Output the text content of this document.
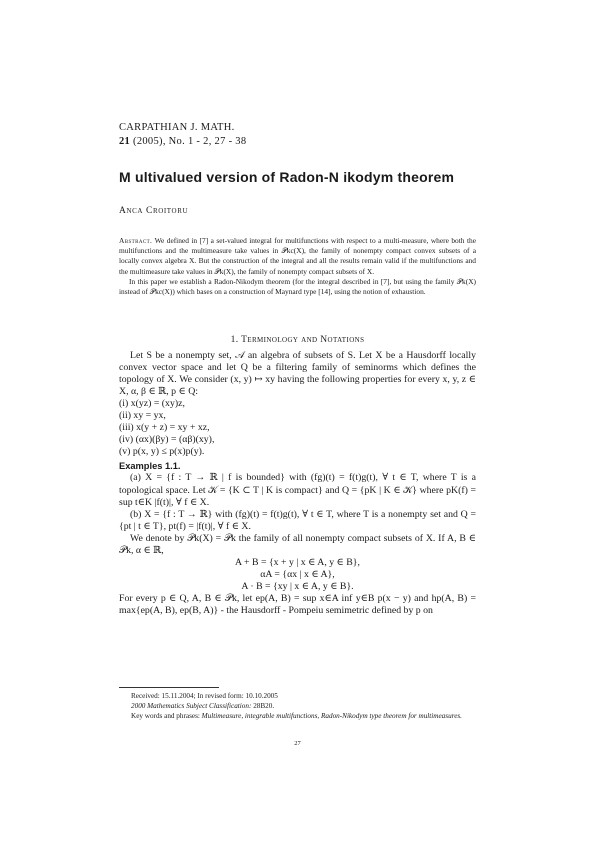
CARPATHIAN J. MATH.
21 (2005), No. 1 - 2, 27 - 38
M ultivalued version of Radon-N ikodym theorem
Anca Croitoru

Abstract. We defined in [7] a set-valued integral for multifunctions with respect to a multi-measure, where both the multifunctions and the multimeasure take values in 𝒫kc(X), the family of nonempty compact convex subsets of a locally convex algebra X. But the construction of the integral and all the results remain valid if the multifunctions and the multimeasure take values in 𝒫k(X), the family of nonempty compact subsets of X.

In this paper we establish a Radon-Nikodym theorem (for the integral described in [7], but using the family 𝒫k(X) instead of 𝒫kc(X)) which bases on a construction of Maynard type [14], using the notion of exhaustion.

1. Terminology and Notations

Let S be a nonempty set, 𝒜 an algebra of subsets of S. Let X be a Hausdorff locally convex vector space and let Q be a filtering family of seminorms which defines the topology of X. We consider (x, y) ↦ xy having the following properties for every x, y, z ∈ X, α, β ∈ ℝ, p ∈ Q:

(i) x(yz) = (xy)z,

(ii) xy = yx,

(iii) x(y + z) = xy + xz,

(iv) (αx)(βy) = (αβ)(xy),

(v) p(x, y) ≤ p(x)p(y).

Examples 1.1.

(a) X = {f : T → ℝ | f is bounded} with (fg)(t) = f(t)g(t), ∀ t ∈ T, where T is a topological space. Let 𝒦 = {K ⊂ T | K is compact} and Q = {pK | K ∈ 𝒦} where pK(f) = sup t∈K |f(t)|, ∀ f ∈ X.

(b) X = {f : T → ℝ} with (fg)(t) = f(t)g(t), ∀ t ∈ T, where T is a nonempty set and Q = {pt | t ∈ T}, pt(f) = |f(t)|, ∀ f ∈ X.

We denote by 𝒫k(X) = 𝒫k the family of all nonempty compact subsets of X. If A, B ∈ 𝒫k, α ∈ ℝ,

A + B = {x + y | x ∈ A, y ∈ B},

αA = {αx | x ∈ A},

A · B = {xy | x ∈ A, y ∈ B}.

For every p ∈ Q, A, B ∈ 𝒫k, let ep(A, B) = sup x∈A inf y∈B p(x − y) and hp(A, B) = max{ep(A, B), ep(B, A)} - the Hausdorff - Pompeiu semimetric defined by p on

Received: 15.11.2004; In revised form: 10.10.2005

2000 Mathematics Subject Classification: 28B20.

Key words and phrases: Multimeasure, integrable multifunctions, Radon-Nikodym type theorem for multimeasures.

27
